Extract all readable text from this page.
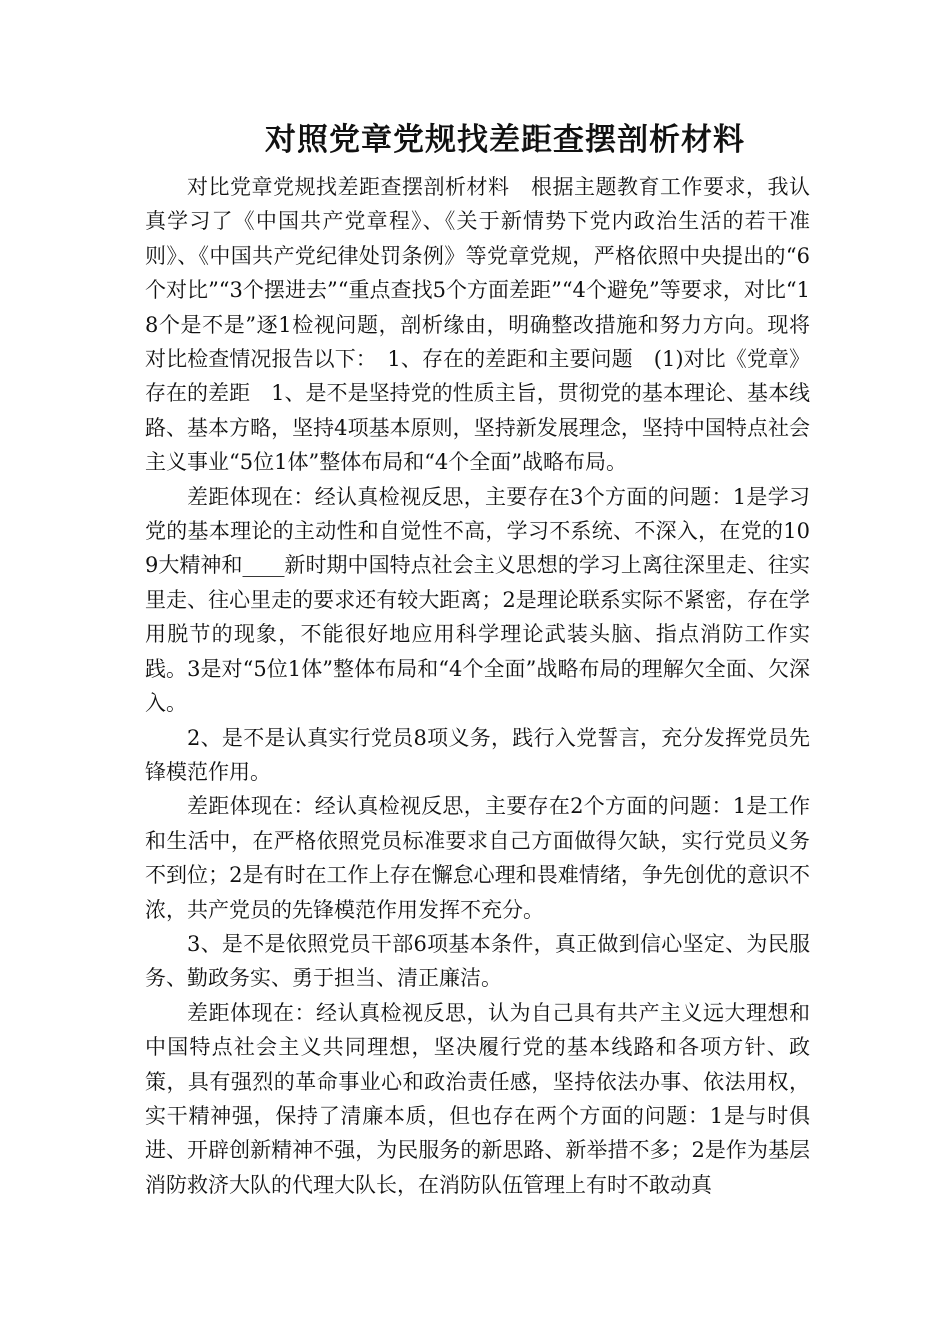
对照党章党规找差距查摆剖析材料

对比党章党规找差距查摆剖析材料　根据主题教育工作要求，我认真学习了《中国共产党章程》、《关于新情势下党内政治生活的若干准则》、《中国共产党纪律处罚条例》等党章党规，严格依照中央提出的“6个对比”“3个摆进去”“重点查找5个方面差距”“4个避免”等要求，对比“18个是不是”逐1检视问题，剖析缘由，明确整改措施和努力方向。现将对比检查情况报告以下：　1、存在的差距和主要问题　(1)对比《党章》存在的差距　1、是不是坚持党的性质主旨，贯彻党的基本理论、基本线路、基本方略，坚持4项基本原则，坚持新发展理念，坚持中国特点社会主义事业“5位1体”整体布局和“4个全面”战略布局。

差距体现在：经认真检视反思，主要存在3个方面的问题：1是学习党的基本理论的主动性和自觉性不高，学习不系统、不深入，在党的109大精神和____新时期中国特点社会主义思想的学习上离往深里走、往实里走、往心里走的要求还有较大距离；2是理论联系实际不紧密，存在学用脱节的现象，不能很好地应用科学理论武装头脑、指点消防工作实践。3是对“5位1体”整体布局和“4个全面”战略布局的理解欠全面、欠深入。

2、是不是认真实行党员8项义务，践行入党誓言，充分发挥党员先锋模范作用。

差距体现在：经认真检视反思，主要存在2个方面的问题：1是工作和生活中，在严格依照党员标准要求自己方面做得欠缺，实行党员义务不到位；2是有时在工作上存在懈怠心理和畏难情绪，争先创优的意识不浓，共产党员的先锋模范作用发挥不充分。

3、是不是依照党员干部6项基本条件，真正做到信心坚定、为民服务、勤政务实、勇于担当、清正廉洁。

差距体现在：经认真检视反思，认为自己具有共产主义远大理想和中国特点社会主义共同理想，坚决履行党的基本线路和各项方针、政策，具有强烈的革命事业心和政治责任感，坚持依法办事、依法用权，实干精神强，保持了清廉本质，但也存在两个方面的问题：1是与时俱进、开辟创新精神不强，为民服务的新思路、新举措不多；2是作为基层消防救济大队的代理大队长，在消防队伍管理上有时不敢动真
